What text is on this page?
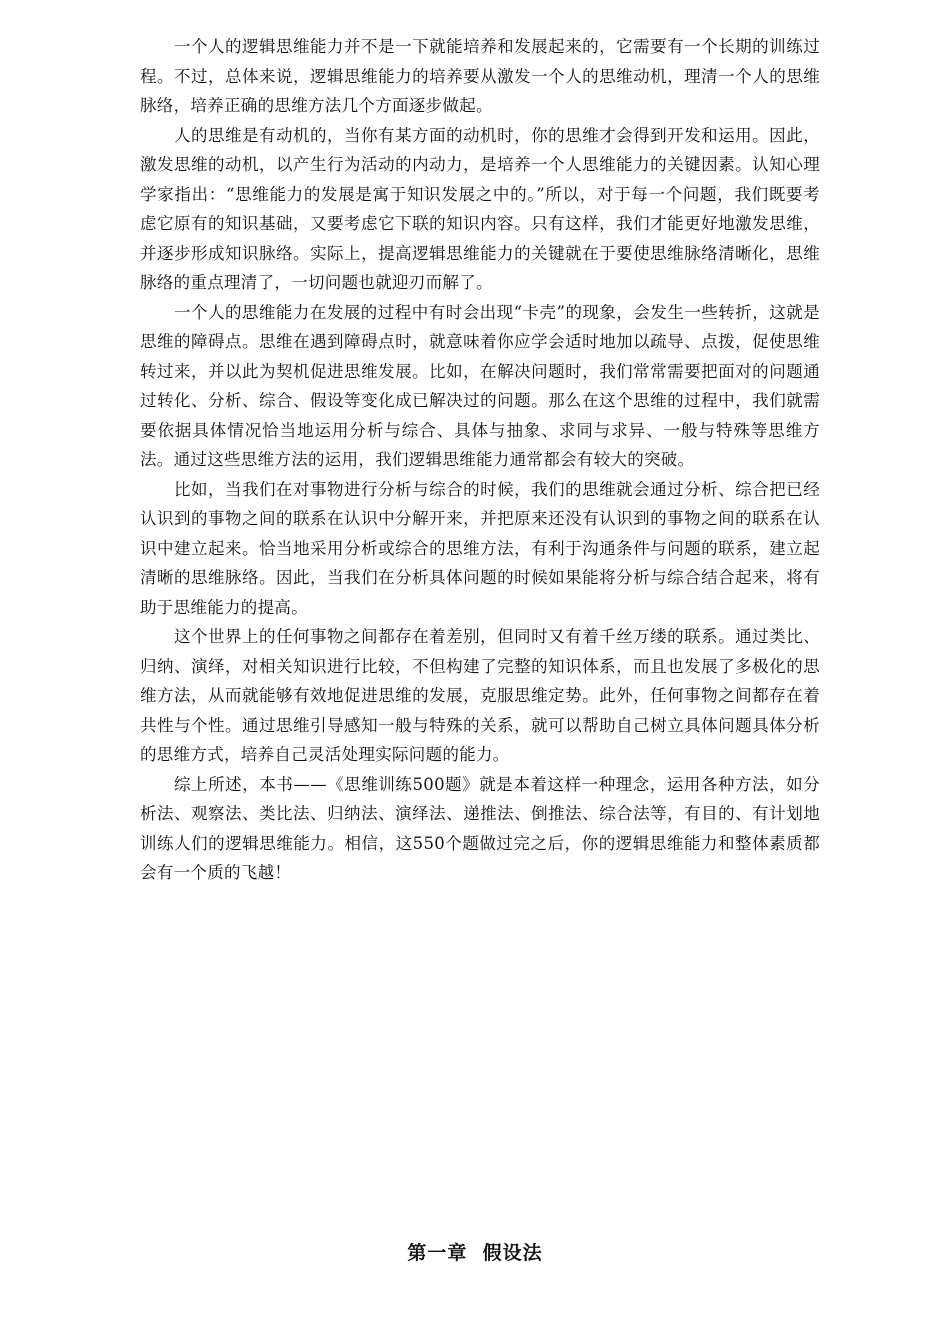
一个人的逻辑思维能力并不是一下就能培养和发展起来的，它需要有一个长期的训练过程。不过，总体来说，逻辑思维能力的培养要从激发一个人的思维动机，理清一个人的思维脉络，培养正确的思维方法几个方面逐步做起。

人的思维是有动机的，当你有某方面的动机时，你的思维才会得到开发和运用。因此，激发思维的动机，以产生行为活动的内动力，是培养一个人思维能力的关键因素。认知心理学家指出：“思维能力的发展是寓于知识发展之中的。”所以，对于每一个问题，我们既要考虑它原有的知识基础，又要考虑它下联的知识内容。只有这样，我们才能更好地激发思维，并逐步形成知识脉络。实际上，提高逻辑思维能力的关键就在于要使思维脉络清晰化，思维脉络的重点理清了，一切问题也就迎刃而解了。

一个人的思维能力在发展的过程中有时会出现“卡壳”的现象，会发生一些转折，这就是思维的障碍点。思维在遇到障碍点时，就意味着你应学会适时地加以疏导、点拨，促使思维转过来，并以此为契机促进思维发展。比如，在解决问题时，我们常常需要把面对的问题通过转化、分析、综合、假设等变化成已解决过的问题。那么在这个思维的过程中，我们就需要依据具体情况恰当地运用分析与综合、具体与抽象、求同与求异、一般与特殊等思维方法。通过这些思维方法的运用，我们逻辑思维能力通常都会有较大的突破。

比如，当我们在对事物进行分析与综合的时候，我们的思维就会通过分析、综合把已经认识到的事物之间的联系在认识中分解开来，并把原来还没有认识到的事物之间的联系在认识中建立起来。恰当地采用分析或综合的思维方法，有利于沟通条件与问题的联系，建立起清晰的思维脉络。因此，当我们在分析具体问题的时候如果能将分析与综合结合起来，将有助于思维能力的提高。

这个世界上的任何事物之间都存在着差别，但同时又有着千丝万缕的联系。通过类比、归纳、演绎，对相关知识进行比较，不但构建了完整的知识体系，而且也发展了多极化的思维方法，从而就能够有效地促进思维的发展，克服思维定势。此外，任何事物之间都存在着共性与个性。通过思维引导感知一般与特殊的关系，就可以帮助自己树立具体问题具体分析的思维方式，培养自己灵活处理实际问题的能力。

综上所述，本书——《思维训练500题》就是本着这样一种理念，运用各种方法，如分析法、观察法、类比法、归纳法、演绎法、递推法、倒推法、综合法等，有目的、有计划地训练人们的逻辑思维能力。相信，这550个题做过完之后，你的逻辑思维能力和整体素质都会有一个质的飞越！

第一章  假设法
